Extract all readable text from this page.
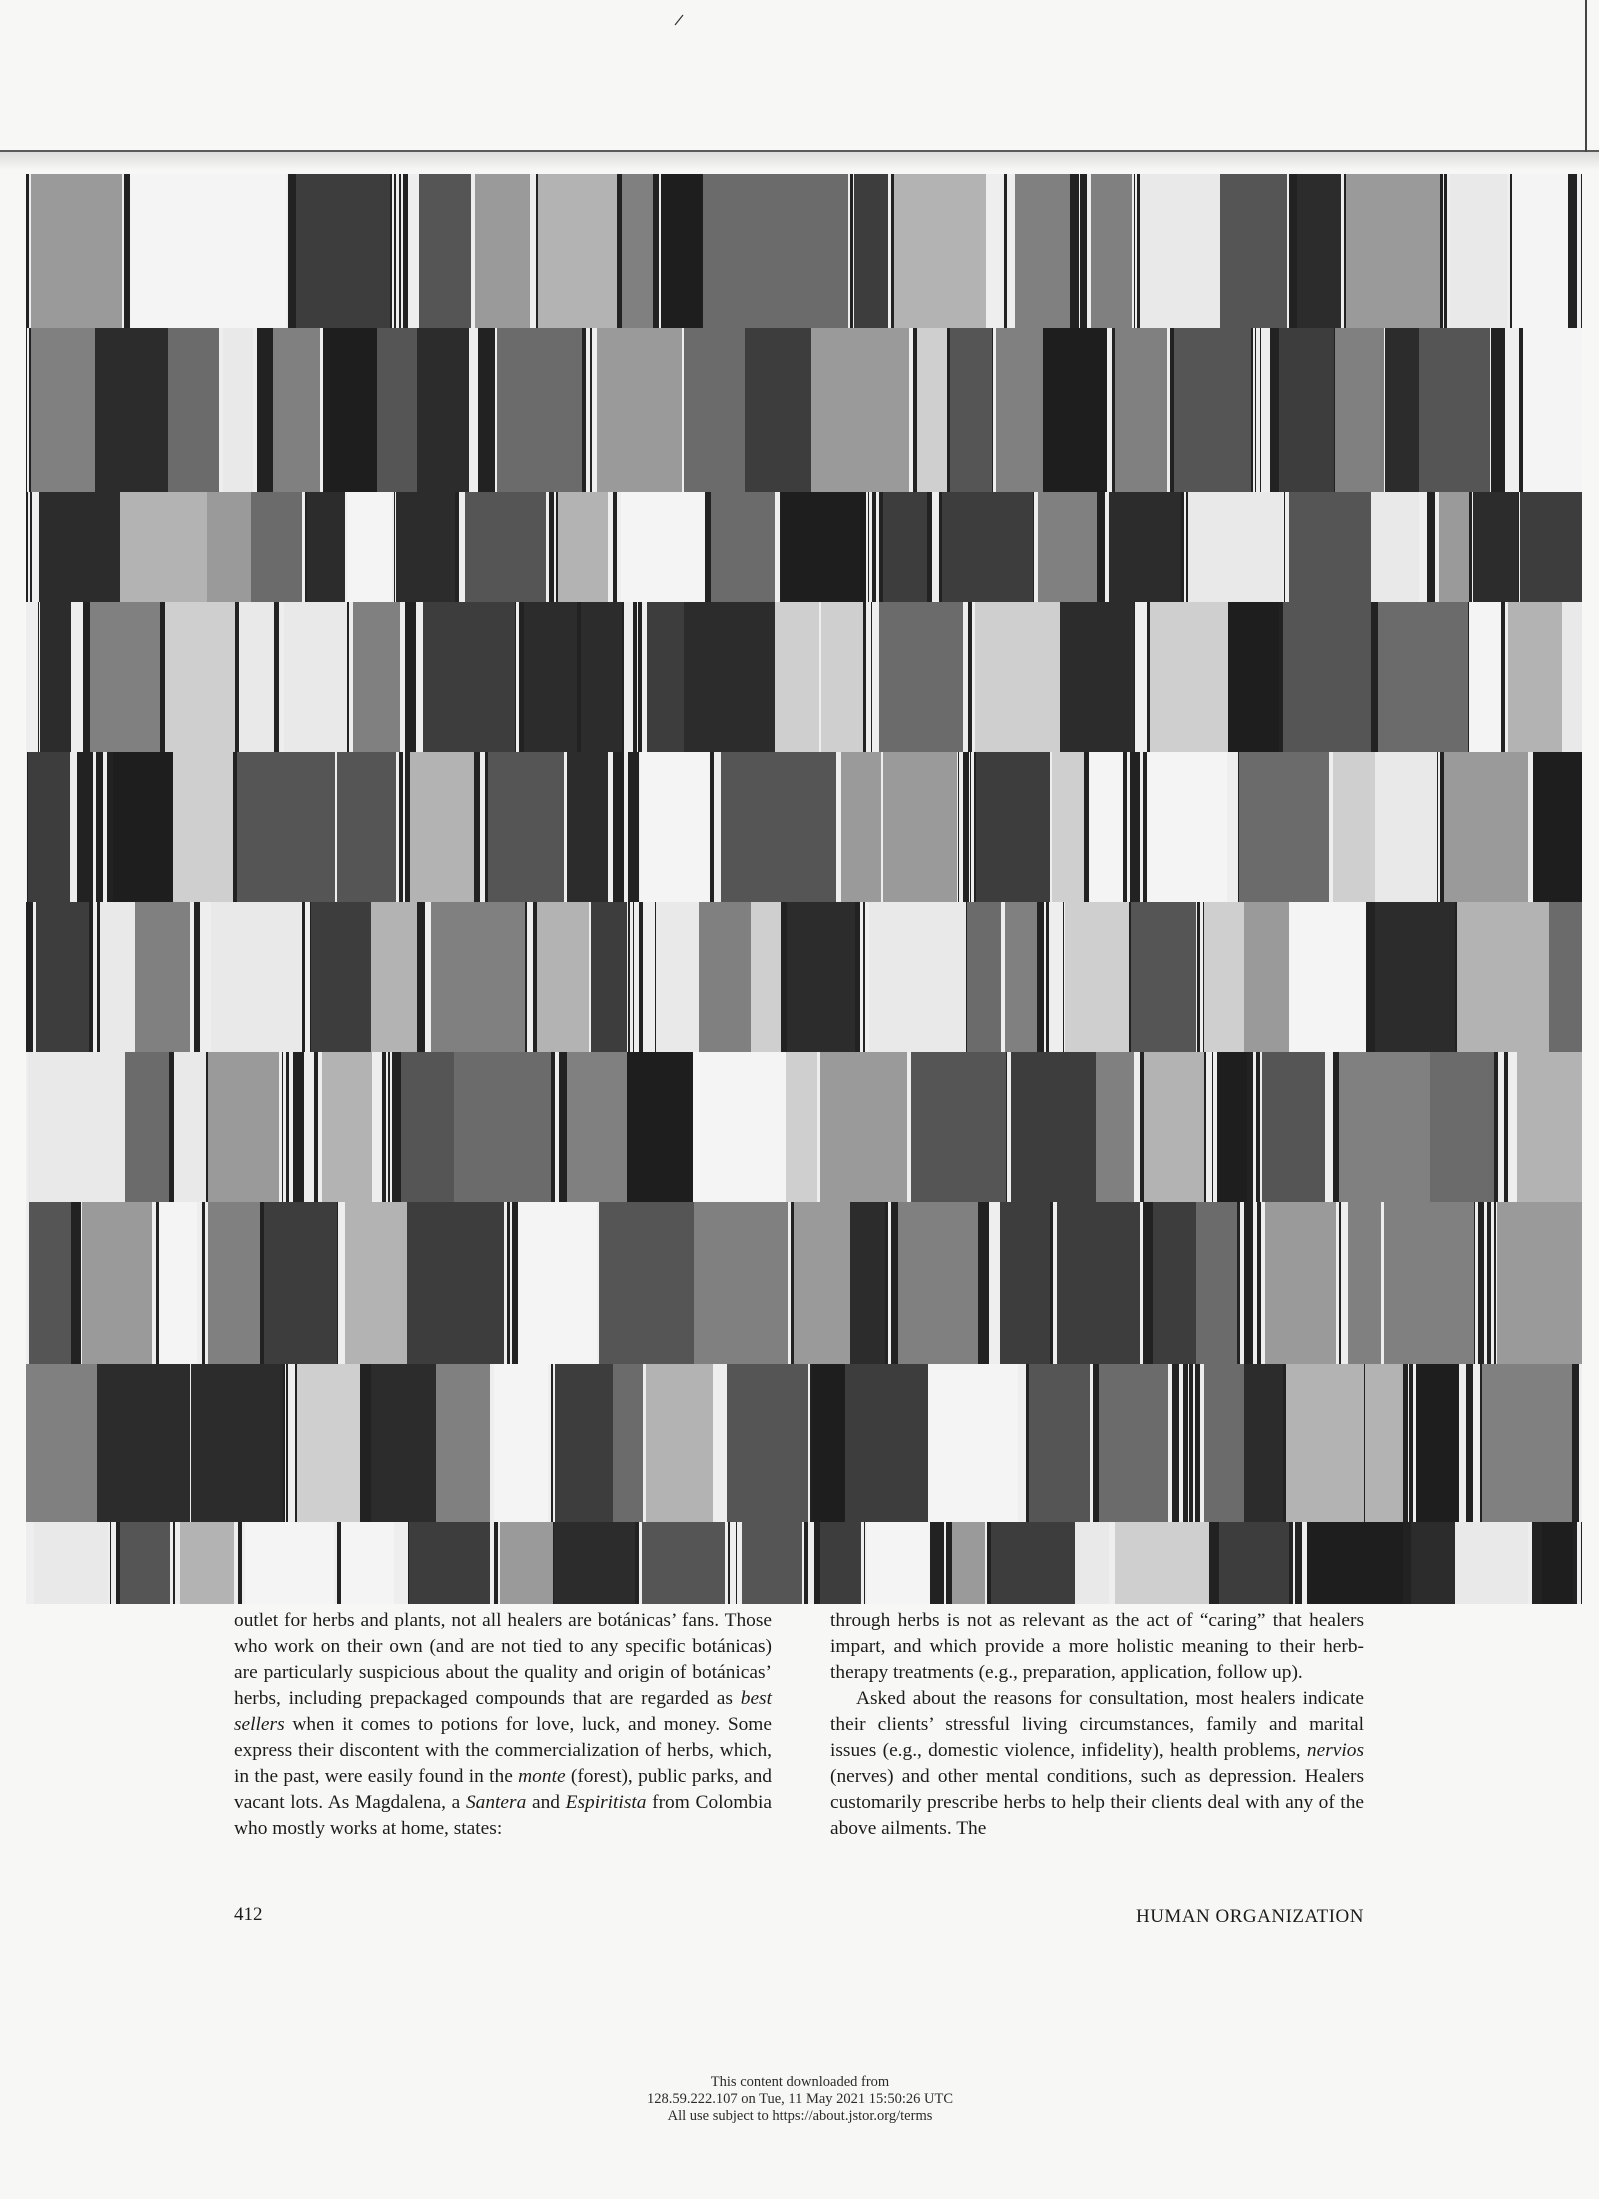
outlet for herbs and plants, not all healers are botánicas’ fans. Those who work on their own (and are not tied to any specific botánicas) are particularly suspicious about the quality and origin of botánicas’ herbs, including prepackaged compounds that are regarded as best sellers when it comes to potions for love, luck, and money. Some express their discontent with the commercialization of herbs, which, in the past, were easily found in the monte (forest), public parks, and vacant lots. As Magdalena, a Santera and Espiritista from Colombia who mostly works at home, states:

through herbs is not as relevant as the act of “caring” that healers impart, and which provide a more holistic meaning to their herb-therapy treatments (e.g., preparation, application, follow up).

Asked about the reasons for consultation, most healers indicate their clients’ stressful living circumstances, family and marital issues (e.g., domestic violence, infidelity), health problems, nervios (nerves) and other mental conditions, such as depression. Healers customarily prescribe herbs to help their clients deal with any of the above ailments. The

412	HUMAN ORGANIZATION
This content downloaded from
128.59.222.107 on Tue, 11 May 2021 15:50:26 UTC
All use subject to https://about.jstor.org/terms
